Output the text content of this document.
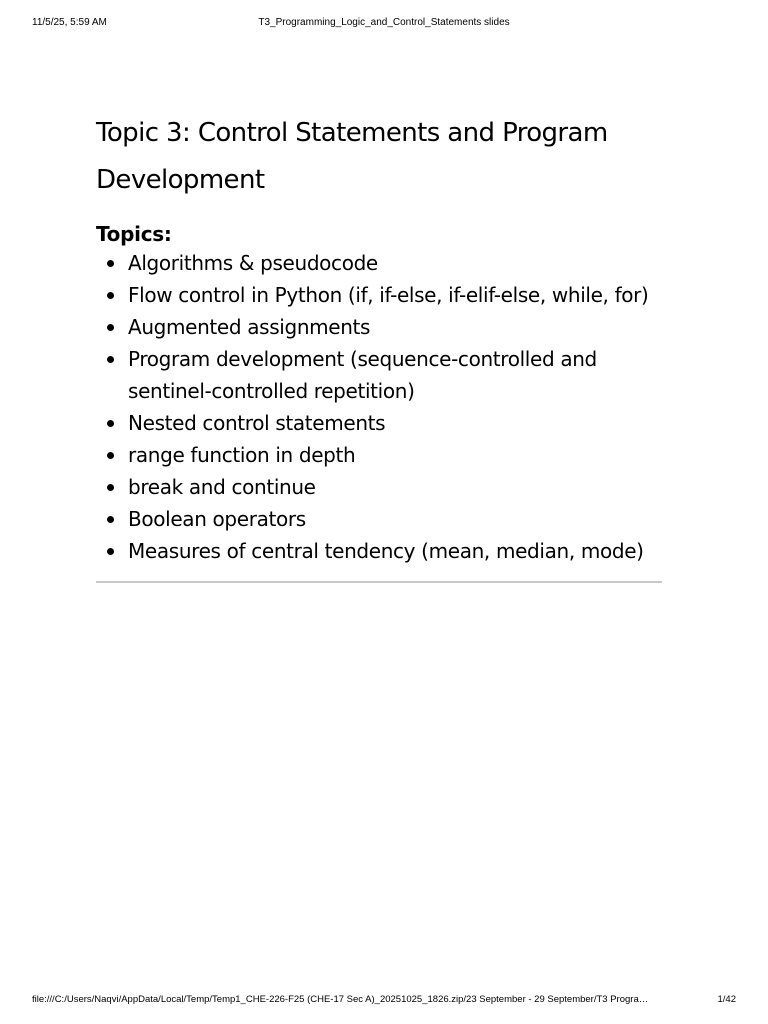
11/5/25, 5:59 AM	T3_Programming_Logic_and_Control_Statements slides
Topic 3: Control Statements and Program Development
Topics:
Algorithms & pseudocode
Flow control in Python (if, if-else, if-elif-else, while, for)
Augmented assignments
Program development (sequence-controlled and sentinel-controlled repetition)
Nested control statements
range function in depth
break and continue
Boolean operators
Measures of central tendency (mean, median, mode)
file:///C:/Users/Naqvi/AppData/Local/Temp/Temp1_CHE-226-F25 (CHE-17 Sec A)_20251025_1826.zip/23 September - 29 September/T3 Progra…	1/42
